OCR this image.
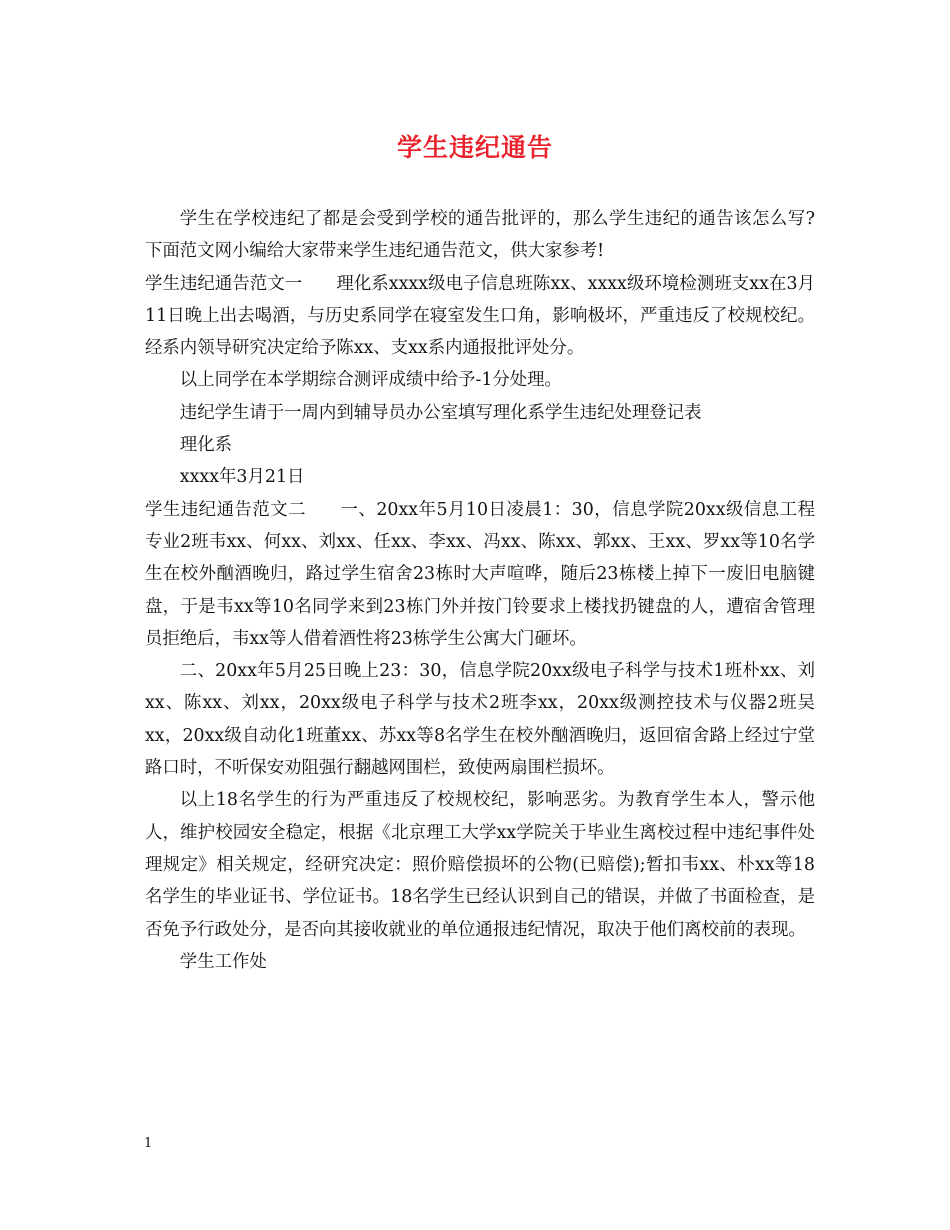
学生违纪通告

学生在学校违纪了都是会受到学校的通告批评的，那么学生违纪的通告该怎么写?下面范文网小编给大家带来学生违纪通告范文，供大家参考!

学生违纪通告范文一 理化系xxxx级电子信息班陈xx、xxxx级环境检测班支xx在3月11日晚上出去喝酒，与历史系同学在寝室发生口角，影响极坏，严重违反了校规校纪。经系内领导研究决定给予陈xx、支xx系内通报批评处分。

以上同学在本学期综合测评成绩中给予-1分处理。

违纪学生请于一周内到辅导员办公室填写理化系学生违纪处理登记表

理化系

xxxx年3月21日

学生违纪通告范文二 一、20xx年5月10日凌晨1：30，信息学院20xx级信息工程专业2班韦xx、何xx、刘xx、任xx、李xx、冯xx、陈xx、郭xx、王xx、罗xx等10名学生在校外酗酒晚归，路过学生宿舍23栋时大声喧哗，随后23栋楼上掉下一废旧电脑键盘，于是韦xx等10名同学来到23栋门外并按门铃要求上楼找扔键盘的人，遭宿舍管理员拒绝后，韦xx等人借着酒性将23栋学生公寓大门砸坏。

二、20xx年5月25日晚上23：30，信息学院20xx级电子科学与技术1班朴xx、刘xx、陈xx、刘xx，20xx级电子科学与技术2班李xx，20xx级测控技术与仪器2班吴xx，20xx级自动化1班董xx、苏xx等8名学生在校外酗酒晚归，返回宿舍路上经过宁堂路口时，不听保安劝阻强行翻越网围栏，致使两扇围栏损坏。

以上18名学生的行为严重违反了校规校纪，影响恶劣。为教育学生本人，警示他人，维护校园安全稳定，根据《北京理工大学xx学院关于毕业生离校过程中违纪事件处理规定》相关规定，经研究决定：照价赔偿损坏的公物(已赔偿);暂扣韦xx、朴xx等18名学生的毕业证书、学位证书。18名学生已经认识到自己的错误，并做了书面检查，是否免予行政处分，是否向其接收就业的单位通报违纪情况，取决于他们离校前的表现。

学生工作处

1
